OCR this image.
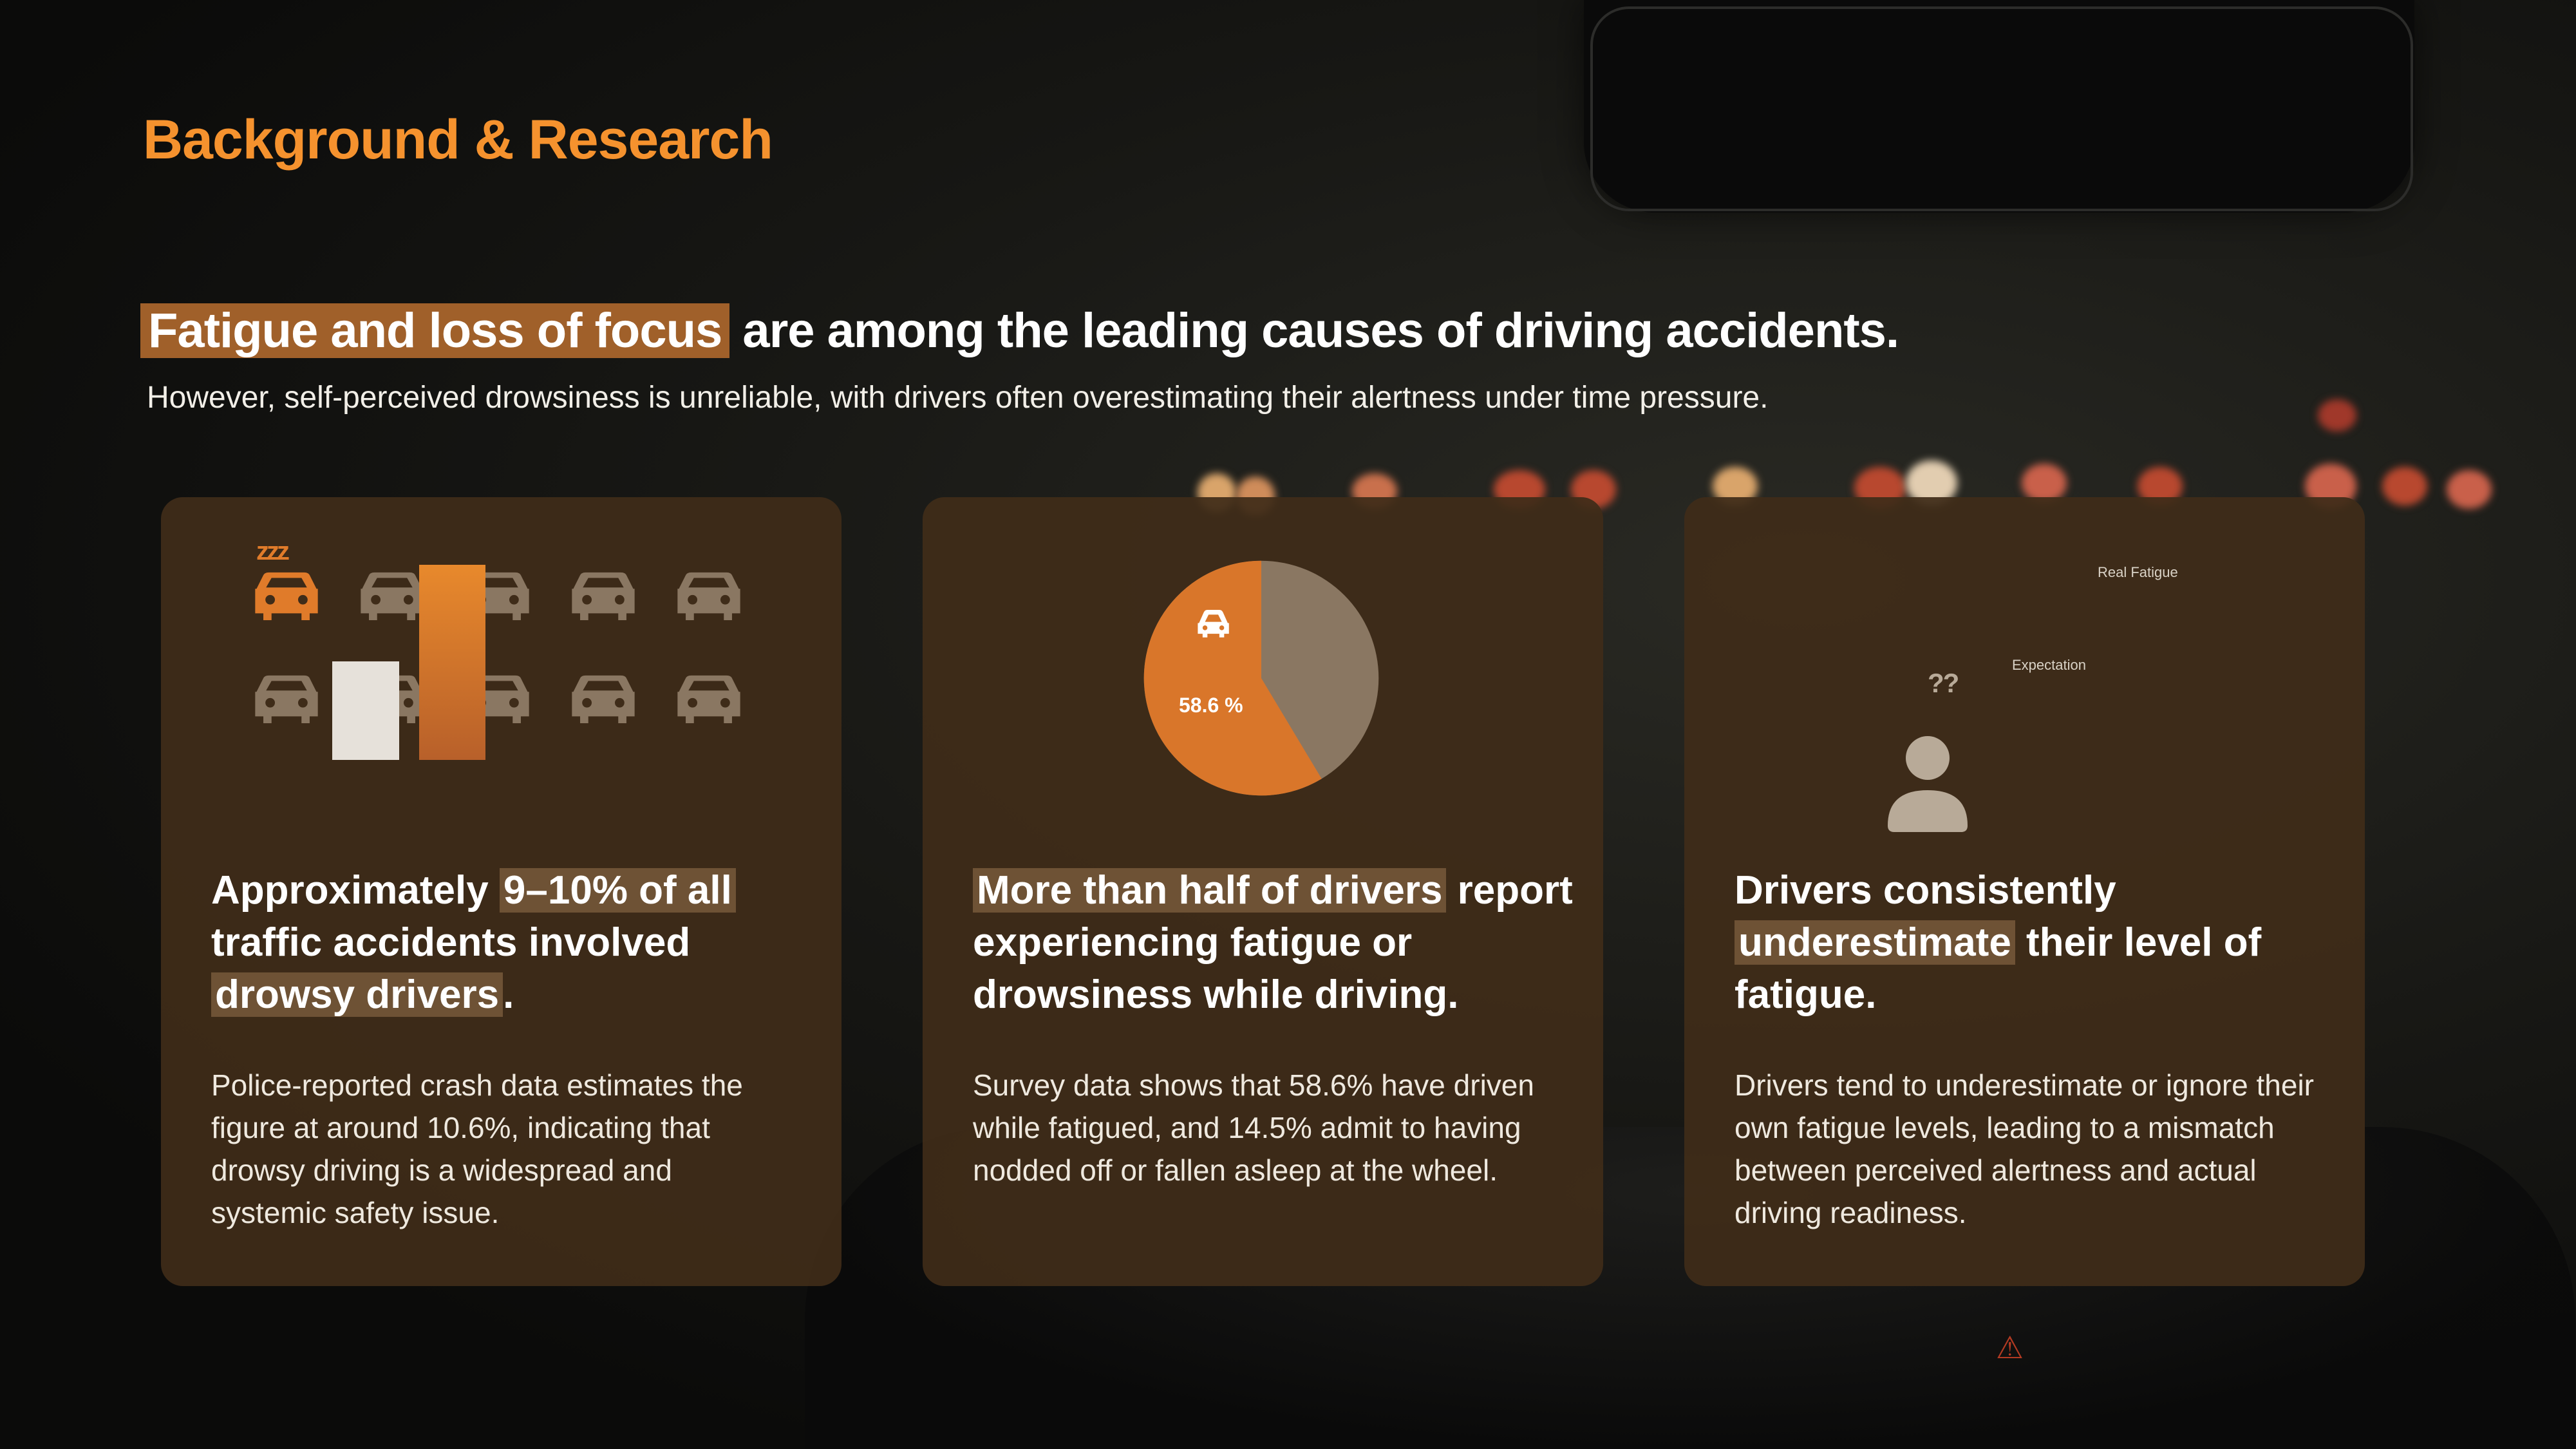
⚠
Background & Research
Fatigue and loss of focus are among the leading causes of driving accidents.
However, self-perceived drowsiness is unreliable, with drivers often overestimating their alertness under time pressure.
zzz
Approximately 9–10% of all traffic accidents involved drowsy drivers.
Police-reported crash data estimates the figure at around 10.6%, indicating that drowsy driving is a widespread and systemic safety issue.
58.6 %
More than half of drivers report experiencing fatigue or drowsiness while driving.
Survey data shows that 58.6% have driven while fatigued, and 14.5% admit to having nodded off or fallen asleep at the wheel.
??
Expectation
Real Fatigue
Drivers consistently underestimate their level of fatigue.
Drivers tend to underestimate or ignore their own fatigue levels, leading to a mismatch between perceived alertness and actual driving readiness.
